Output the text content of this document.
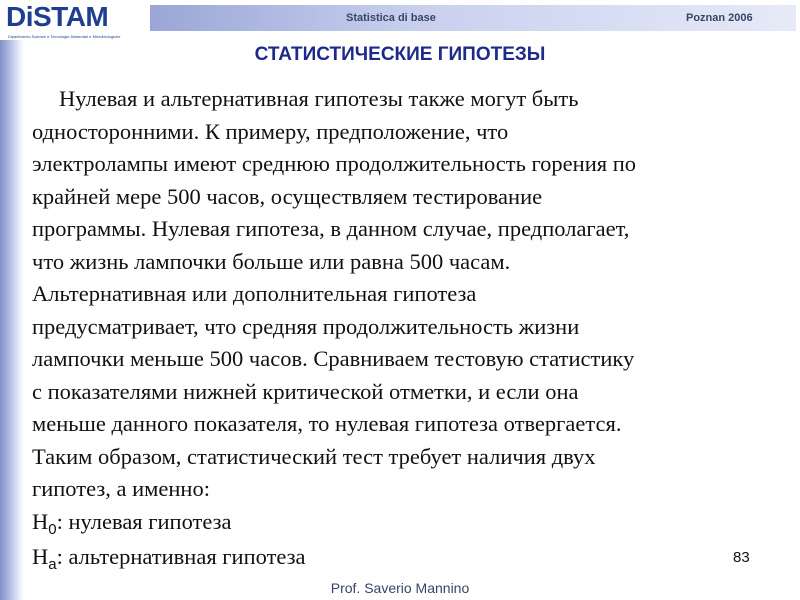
DiSTAM
Dipartimento Scienze e Tecnologie Alimentari e Microbiologiche
Statistica di base	Poznan 2006
СТАТИСТИЧЕСКИЕ ГИПОТЕЗЫ
Нулевая и альтернативная гипотезы также могут быть
односторонними. К примеру, предположение, что
электролампы имеют среднюю продолжительность горения по
крайней мере 500 часов, осуществляем тестирование
программы. Нулевая гипотеза, в данном случае, предполагает,
что жизнь лампочки больше или равна 500 часам.
Альтернативная или дополнительная гипотеза
предусматривает, что средняя продолжительность жизни
лампочки меньше 500 часов. Сравниваем тестовую статистику
с показателями нижней критической отметки, и если она
меньше данного показателя, то нулевая гипотеза отвергается.
Таким образом, статистический тест требует наличия двух
гипотез, а именно:
$H_0$: нулевая гипотеза
$H_a$: альтернативная гипотеза	83
Prof. Saverio Mannino
